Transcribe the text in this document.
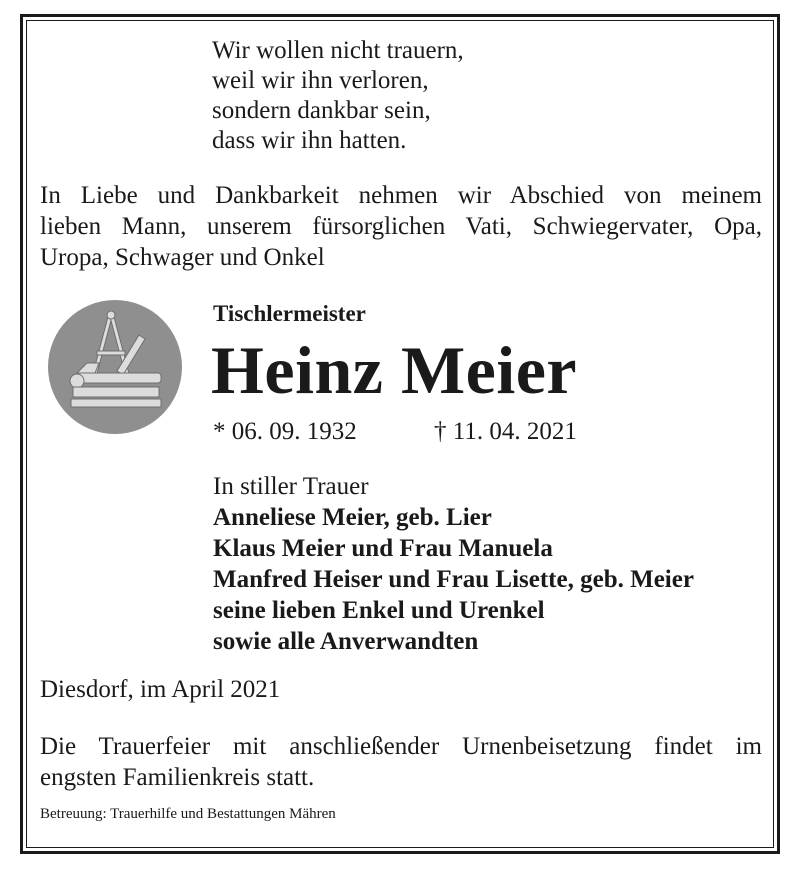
Wir wollen nicht trauern,
weil wir ihn verloren,
sondern dankbar sein,
dass wir ihn hatten.
In Liebe und Dankbarkeit nehmen wir Abschied von meinem
lieben Mann, unserem fürsorglichen Vati, Schwiegervater, Opa,
Uropa, Schwager und Onkel
Tischlermeister
Heinz Meier
* 06. 09. 1932	† 11. 04. 2021
In stiller Trauer
Anneliese Meier, geb. Lier
Klaus Meier und Frau Manuela
Manfred Heiser und Frau Lisette, geb. Meier
seine lieben Enkel und Urenkel
sowie alle Anverwandten
Diesdorf, im April 2021
Die Trauerfeier mit anschließender Urnenbeisetzung findet im
engsten Familienkreis statt.
Betreuung: Trauerhilfe und Bestattungen Mähren
